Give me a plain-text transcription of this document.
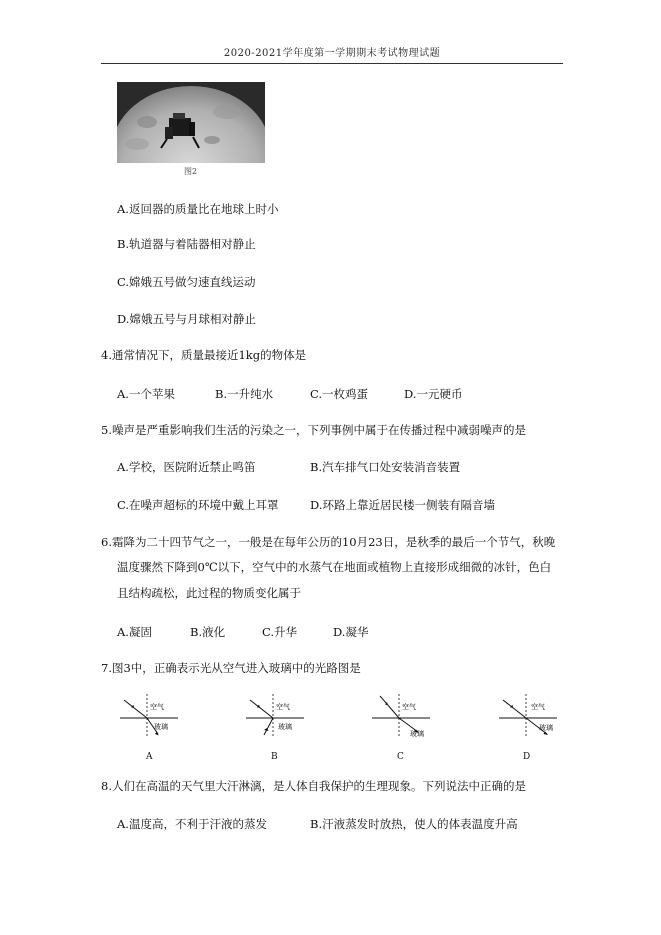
2020-2021学年度第一学期期末考试物理试题
图2
A.返回器的质量比在地球上时小
B.轨道器与着陆器相对静止
C.嫦娥五号做匀速直线运动
D.嫦娥五号与月球相对静止
4.通常情况下，质量最接近1kg的物体是
A.一个苹果	B.一升纯水	C.一枚鸡蛋	D.一元硬币
5.噪声是严重影响我们生活的污染之一，下列事例中属于在传播过程中减弱噪声的是
A.学校，医院附近禁止鸣笛	B.汽车排气口处安装消音装置
C.在噪声超标的环境中戴上耳罩	D.环路上靠近居民楼一侧装有隔音墙
6.霜降为二十四节气之一，一般是在每年公历的10月23日，是秋季的最后一个节气，秋晚
温度骤然下降到0℃以下，空气中的水蒸气在地面或植物上直接形成细微的冰针，色白
且结构疏松，此过程的物质变化属于
A.凝固	B.液化	C.升华	D.凝华
7.图3中，正确表示光从空气进入玻璃中的光路图是
空气
玻璃
空气
玻璃
空气
玻璃
空气
玻璃
A	B	C	D
8.人们在高温的天气里大汗淋漓，是人体自我保护的生理现象。下列说法中正确的是
A.温度高，不利于汗液的蒸发	B.汗液蒸发时放热，使人的体表温度升高
